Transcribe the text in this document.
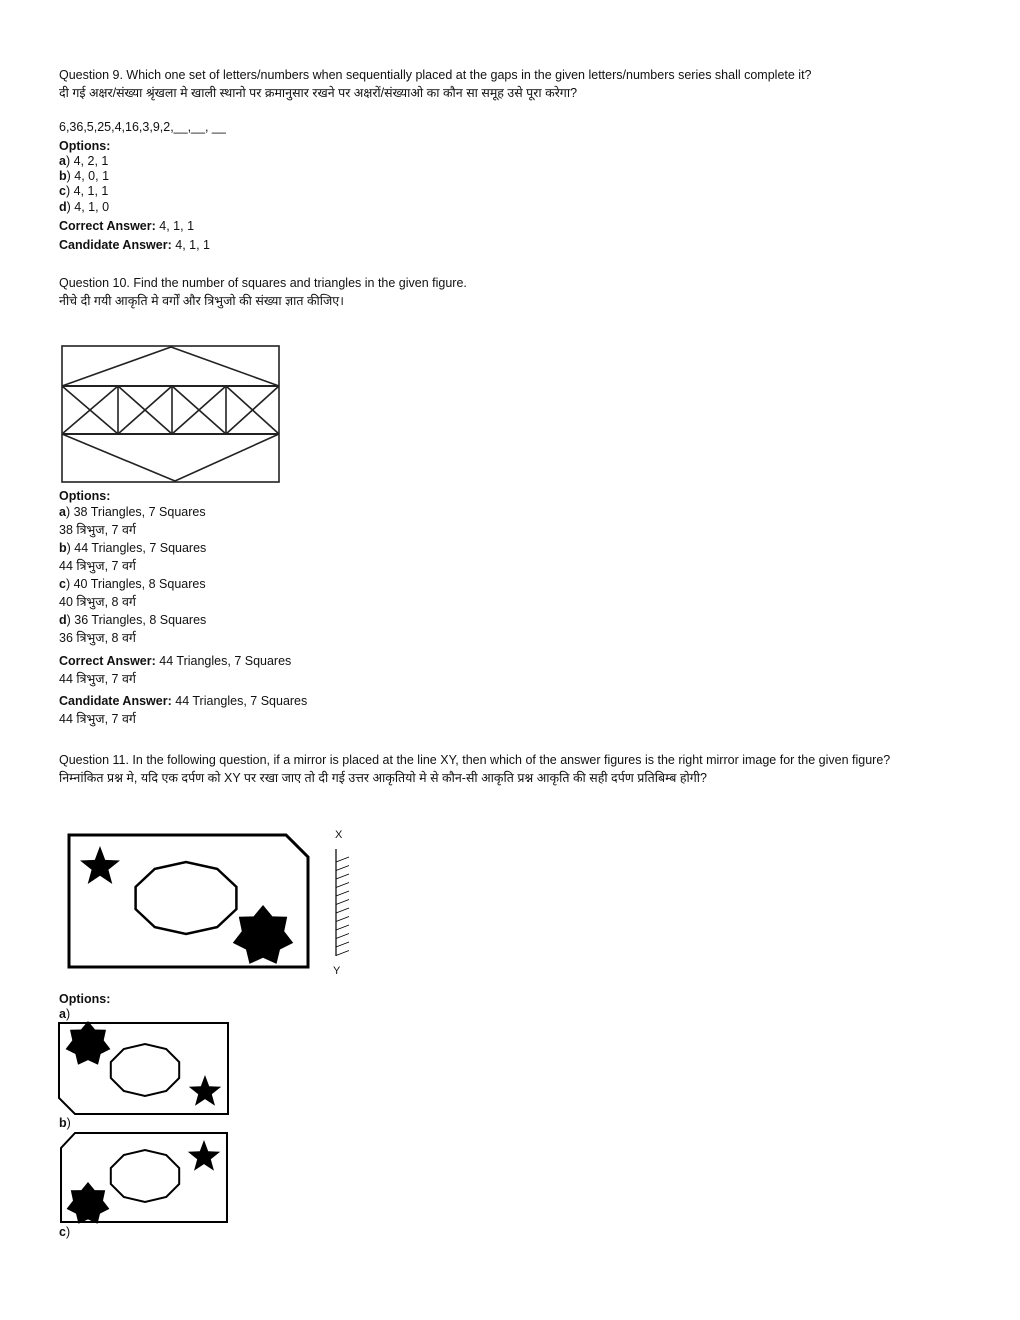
Question 9. Which one set of letters/numbers when sequentially placed at the gaps in the given letters/numbers series shall complete it?
दी गई अक्षर/संख्या श्रृंखला मे खाली स्थानो पर क्रमानुसार रखने पर अक्षरों/संख्याओ का कौन सा समूह उसे पूरा करेगा?
6,36,5,25,4,16,3,9,2,__,__, __
Options:
a) 4, 2, 1
b) 4, 0, 1
c) 4, 1, 1
d) 4, 1, 0
Correct Answer: 4, 1, 1
Candidate Answer: 4, 1, 1
Question 10. Find the number of squares and triangles in the given figure.
नीचे दी गयी आकृति मे वर्गों और त्रिभुजो की संख्या ज्ञात कीजिए।
Options:
a) 38 Triangles, 7 Squares
38 त्रिभुज, 7 वर्ग
b) 44 Triangles, 7 Squares
44 त्रिभुज, 7 वर्ग
c) 40 Triangles, 8 Squares
40 त्रिभुज, 8 वर्ग
d) 36 Triangles, 8 Squares
36 त्रिभुज, 8 वर्ग
Correct Answer: 44 Triangles, 7 Squares
44 त्रिभुज, 7 वर्ग
Candidate Answer: 44 Triangles, 7 Squares
44 त्रिभुज, 7 वर्ग
Question 11. In the following question, if a mirror is placed at the line XY, then which of the answer figures is the right mirror image for the given figure?
निम्नांकित प्रश्न मे, यदि एक दर्पण को XY पर रखा जाए तो दी गई उत्तर आकृतियो मे से कौन-सी आकृति प्रश्न आकृति की सही दर्पण प्रतिबिम्ब होगी?
X
Y
Options:
a)
b)
c)
